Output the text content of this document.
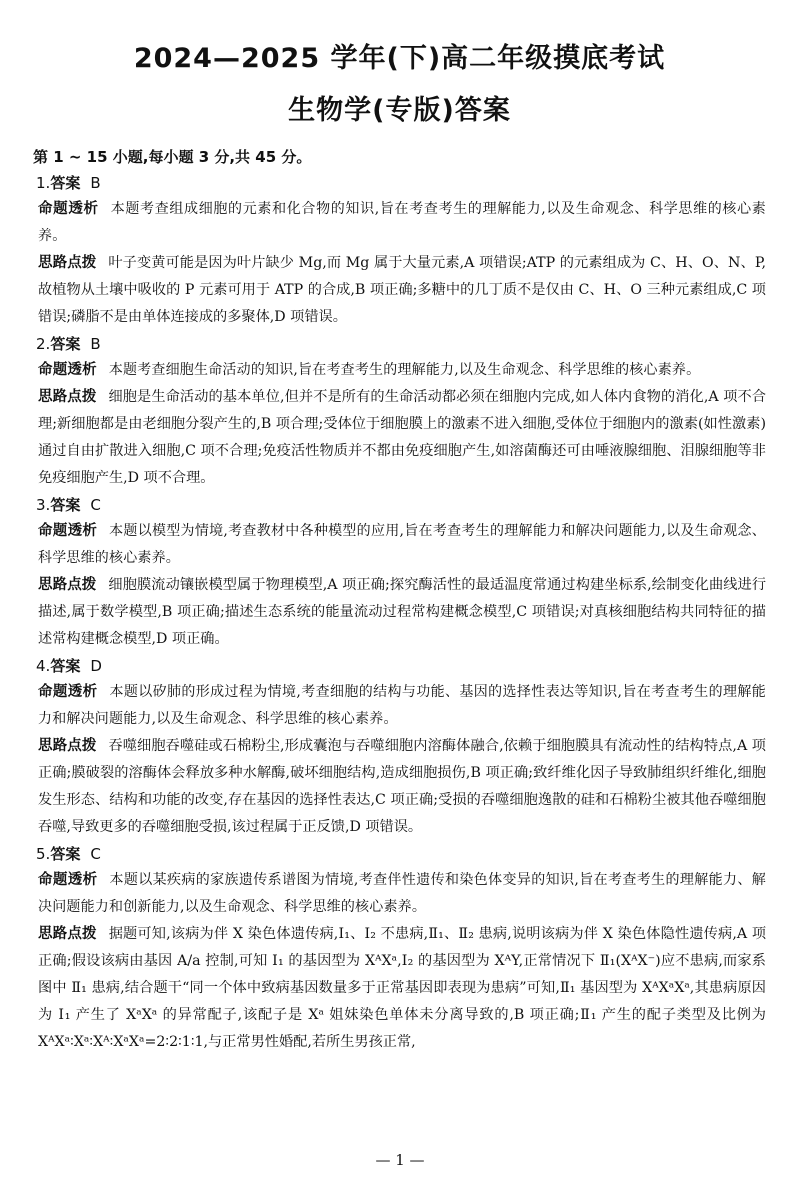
2024—2025 学年(下)高二年级摸底考试
生物学(专版)答案
第 1 ~ 15 小题,每小题 3 分,共 45 分。
1.答案 B
命题透析 本题考查组成细胞的元素和化合物的知识,旨在考查考生的理解能力,以及生命观念、科学思维的核心素养。
思路点拨 叶子变黄可能是因为叶片缺少 Mg,而 Mg 属于大量元素,A 项错误;ATP 的元素组成为 C、H、O、N、P,故植物从土壤中吸收的 P 元素可用于 ATP 的合成,B 项正确;多糖中的几丁质不是仅由 C、H、O 三种元素组成,C 项错误;磷脂不是由单体连接成的多聚体,D 项错误。
2.答案 B
命题透析 本题考查细胞生命活动的知识,旨在考查考生的理解能力,以及生命观念、科学思维的核心素养。
思路点拨 细胞是生命活动的基本单位,但并不是所有的生命活动都必须在细胞内完成,如人体内食物的消化,A 项不合理;新细胞都是由老细胞分裂产生的,B 项合理;受体位于细胞膜上的激素不进入细胞,受体位于细胞内的激素(如性激素)通过自由扩散进入细胞,C 项不合理;免疫活性物质并不都由免疫细胞产生,如溶菌酶还可由唾液腺细胞、泪腺细胞等非免疫细胞产生,D 项不合理。
3.答案 C
命题透析 本题以模型为情境,考查教材中各种模型的应用,旨在考查考生的理解能力和解决问题能力,以及生命观念、科学思维的核心素养。
思路点拨 细胞膜流动镶嵌模型属于物理模型,A 项正确;探究酶活性的最适温度常通过构建坐标系,绘制变化曲线进行描述,属于数学模型,B 项正确;描述生态系统的能量流动过程常构建概念模型,C 项错误;对真核细胞结构共同特征的描述常构建概念模型,D 项正确。
4.答案 D
命题透析 本题以矽肺的形成过程为情境,考查细胞的结构与功能、基因的选择性表达等知识,旨在考查考生的理解能力和解决问题能力,以及生命观念、科学思维的核心素养。
思路点拨 吞噬细胞吞噬硅或石棉粉尘,形成囊泡与吞噬细胞内溶酶体融合,依赖于细胞膜具有流动性的结构特点,A 项正确;膜破裂的溶酶体会释放多种水解酶,破坏细胞结构,造成细胞损伤,B 项正确;致纤维化因子导致肺组织纤维化,细胞发生形态、结构和功能的改变,存在基因的选择性表达,C 项正确;受损的吞噬细胞逸散的硅和石棉粉尘被其他吞噬细胞吞噬,导致更多的吞噬细胞受损,该过程属于正反馈,D 项错误。
5.答案 C
命题透析 本题以某疾病的家族遗传系谱图为情境,考查伴性遗传和染色体变异的知识,旨在考查考生的理解能力、解决问题能力和创新能力,以及生命观念、科学思维的核心素养。
思路点拨 据题可知,该病为伴 X 染色体遗传病,Ⅰ₁、Ⅰ₂ 不患病,Ⅱ₁、Ⅱ₂ 患病,说明该病为伴 X 染色体隐性遗传病,A 项正确;假设该病由基因 A/a 控制,可知 Ⅰ₁ 的基因型为 XᴬXᵃ,Ⅰ₂ 的基因型为 XᴬY,正常情况下 Ⅱ₁(XᴬX⁻)应不患病,而家系图中 Ⅱ₁ 患病,结合题干“同一个体中致病基因数量多于正常基因即表现为患病”可知,Ⅱ₁ 基因型为 XᴬXᵃXᵃ,其患病原因为 Ⅰ₁ 产生了 XᵃXᵃ 的异常配子,该配子是 Xᵃ 姐妹染色单体未分离导致的,B 项正确;Ⅱ₁ 产生的配子类型及比例为 XᴬXᵃ∶Xᵃ∶Xᴬ∶XᵃXᵃ=2∶2∶1∶1,与正常男性婚配,若所生男孩正常,
— 1 —
